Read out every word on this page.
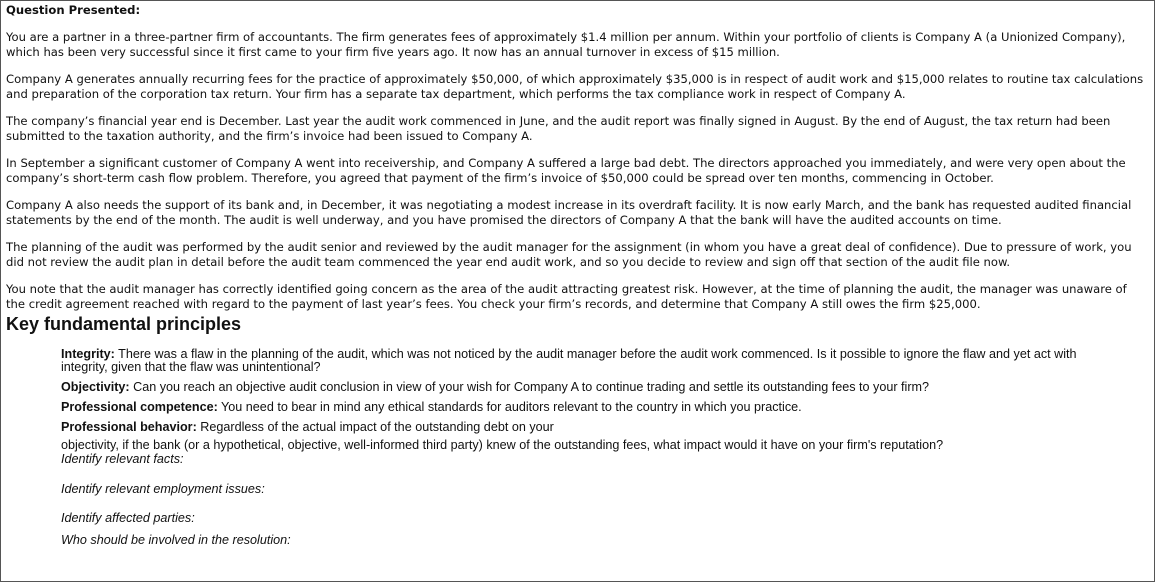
Question Presented:

You are a partner in a three-partner firm of accountants. The firm generates fees of approximately $1.4 million per annum. Within your portfolio of clients is Company A (a Unionized Company), which has been very successful since it first came to your firm five years ago. It now has an annual turnover in excess of $15 million.

Company A generates annually recurring fees for the practice of approximately $50,000, of which approximately $35,000 is in respect of audit work and $15,000 relates to routine tax calculations and preparation of the corporation tax return. Your firm has a separate tax department, which performs the tax compliance work in respect of Company A.

The company’s financial year end is December. Last year the audit work commenced in June, and the audit report was finally signed in August. By the end of August, the tax return had been submitted to the taxation authority, and the firm’s invoice had been issued to Company A.

In September a significant customer of Company A went into receivership, and Company A suffered a large bad debt. The directors approached you immediately, and were very open about the company’s short-term cash flow problem. Therefore, you agreed that payment of the firm’s invoice of $50,000 could be spread over ten months, commencing in October.

Company A also needs the support of its bank and, in December, it was negotiating a modest increase in its overdraft facility. It is now early March, and the bank has requested audited financial statements by the end of the month. The audit is well underway, and you have promised the directors of Company A that the bank will have the audited accounts on time.

The planning of the audit was performed by the audit senior and reviewed by the audit manager for the assignment (in whom you have a great deal of confidence). Due to pressure of work, you did not review the audit plan in detail before the audit team commenced the year end audit work, and so you decide to review and sign off that section of the audit file now.

You note that the audit manager has correctly identified going concern as the area of the audit attracting greatest risk. However, at the time of planning the audit, the manager was unaware of the credit agreement reached with regard to the payment of last year’s fees. You check your firm’s records, and determine that Company A still owes the firm $25,000.

Key fundamental principles

Integrity: There was a flaw in the planning of the audit, which was not noticed by the audit manager before the audit work commenced. Is it possible to ignore the flaw and yet act with integrity, given that the flaw was unintentional?

Objectivity: Can you reach an objective audit conclusion in view of your wish for Company A to continue trading and settle its outstanding fees to your firm?

Professional competence: You need to bear in mind any ethical standards for auditors relevant to the country in which you practice.

Professional behavior: Regardless of the actual impact of the outstanding debt on your

objectivity, if the bank (or a hypothetical, objective, well-informed third party) knew of the outstanding fees, what impact would it have on your firm's reputation?
Identify relevant facts:
Identify relevant employment issues:
Identify affected parties:
Who should be involved in the resolution:
